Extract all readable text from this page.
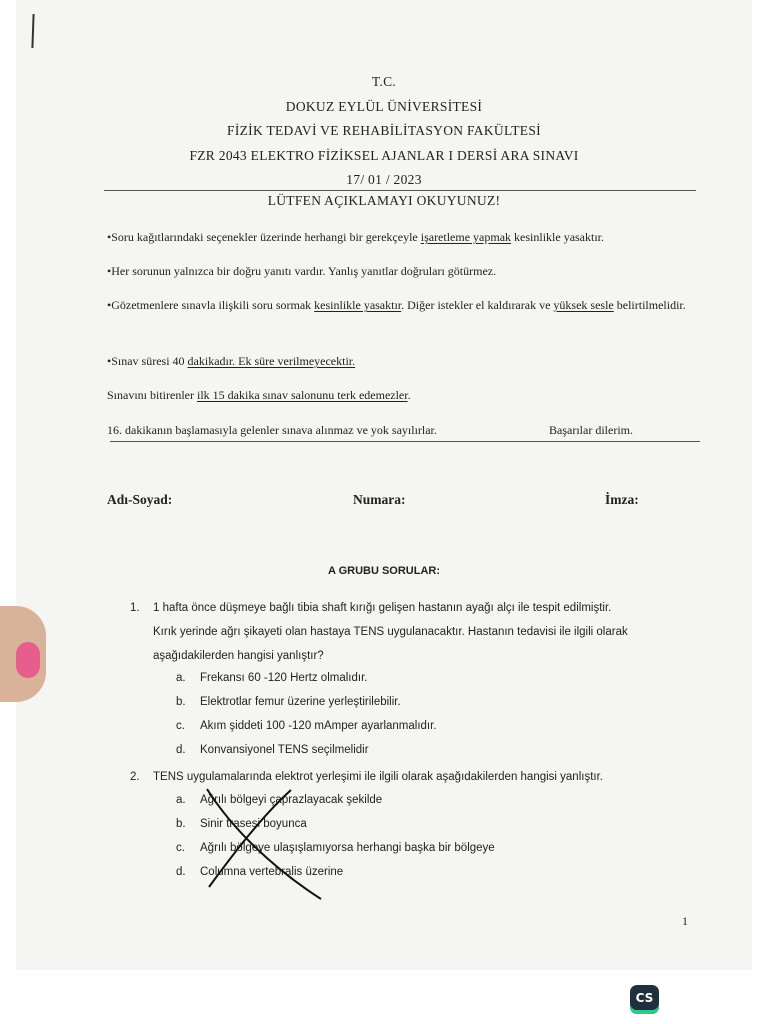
T.C.
DOKUZ EYLÜL ÜNİVERSİTESİ
FİZİK TEDAVİ VE REHABİLİTASYON FAKÜLTESİ
FZR 2043 ELEKTRO FİZİKSEL AJANLAR I DERSİ ARA SINAVI
17/ 01 / 2023
LÜTFEN AÇIKLAMAYI OKUYUNUZ!

•Soru kağıtlarındaki seçenekler üzerinde herhangi bir gerekçeyle işaretleme yapmak kesinlikle yasaktır.

•Her sorunun yalnızca bir doğru yanıtı vardır. Yanlış yanıtlar doğruları götürmez.

•Gözetmenlere sınavla ilişkili soru sormak kesinlikle yasaktır. Diğer istekler el kaldırarak ve yüksek sesle belirtilmelidir.

•Sınav süresi 40 dakikadır. Ek süre verilmeyecektir.

Sınavını bitirenler ilk 15 dakika sınav salonunu terk edemezler.

16. dakikanın başlamasıyla gelenler sınava alınmaz ve yok sayılırlar.	Başarılar dilerim.

Adı-Soyad:	Numara:	İmza:
A GRUBU SORULAR:
1. 1 hafta önce düşmeye bağlı tibia shaft kırığı gelişen hastanın ayağı alçı ile tespit edilmiştir.
Kırık yerinde ağrı şikayeti olan hastaya TENS uygulanacaktır. Hastanın tedavisi ile ilgili olarak
aşağıdakilerden hangisi yanlıştır?
a. Frekansı 60 -120 Hertz olmalıdır.
b. Elektrotlar femur üzerine yerleştirilebilir.
c. Akım şiddeti 100 -120 mAmper ayarlanmalıdır.
d. Konvansiyonel TENS seçilmelidir
2. TENS uygulamalarında elektrot yerleşimi ile ilgili olarak aşağıdakilerden hangisi yanlıştır.
a. Ağrılı bölgeyi çaprazlayacak şekilde
b. Sinir trasesi boyunca
c. Ağrılı bölgeye ulaşışlamıyorsa herhangi başka bir bölgeye
d. Columna vertebralis üzerine
1
CS
